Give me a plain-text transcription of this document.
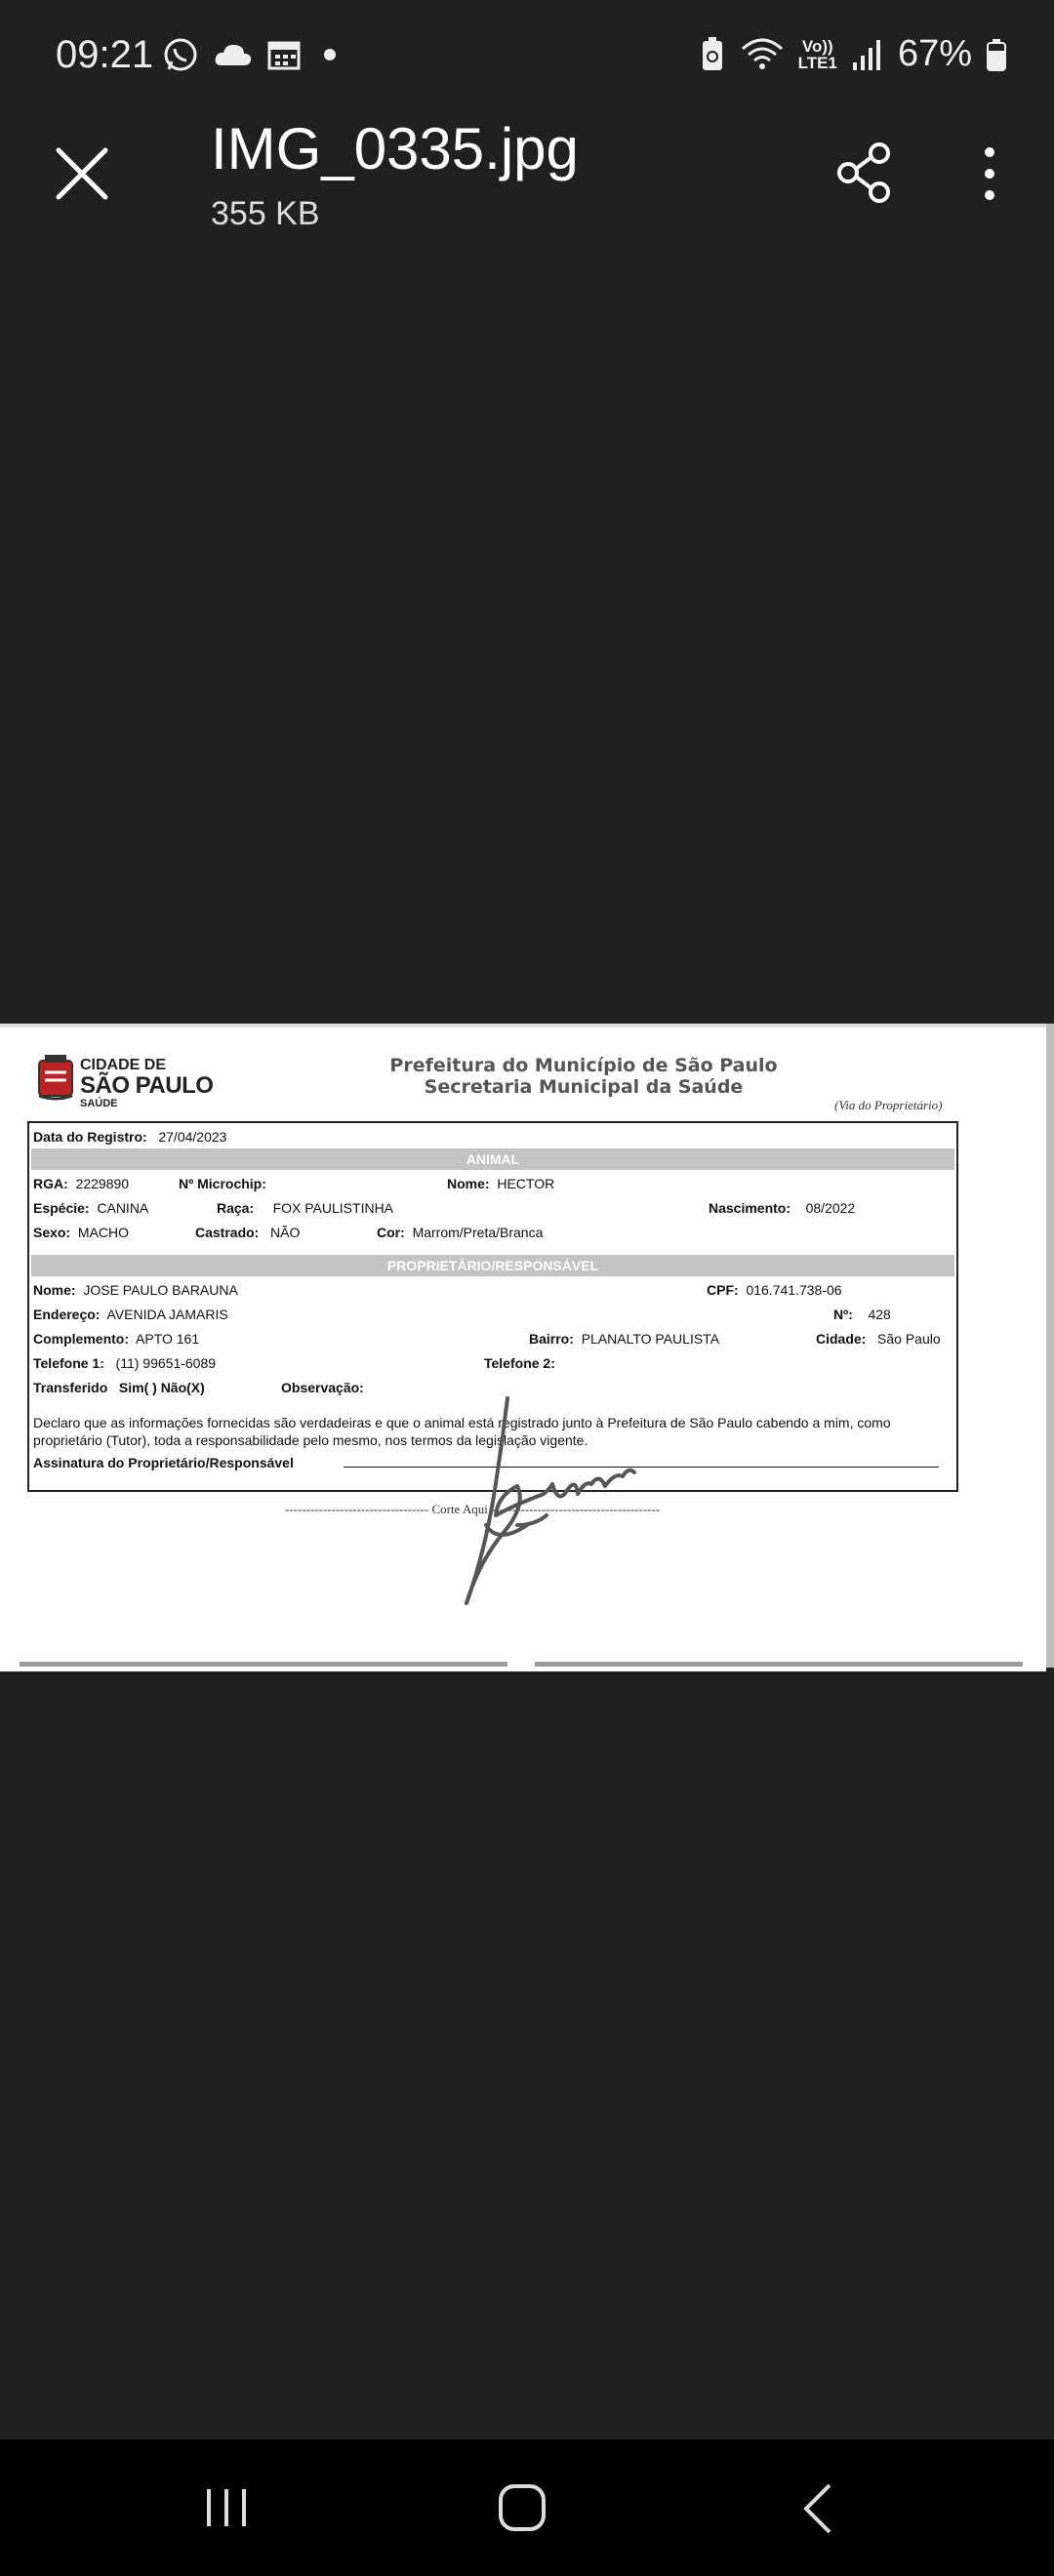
09:21	Vo))
LTE1 67%
IMG_0335.jpg
355 KB
CIDADE DE
SÃO PAULO
SAÚDE
Prefeitura do Município de São Paulo
Secretaria Municipal da Saúde
(Via do Proprietário)
Data do Registro: 27/04/2023
ANIMAL
RGA: 2229890	Nº Microchip:	Nome: HECTOR
Espécie: CANINA	Raça: FOX PAULISTINHA	Nascimento: 08/2022
Sexo: MACHO	Castrado: NÃO	Cor: Marrom/Preta/Branca
PROPRIETÁRIO/RESPONSÁVEL
Nome: JOSE PAULO BARAUNA	CPF: 016.741.738-06
Endereço: AVENIDA JAMARIS	Nº: 428
Complemento: APTO 161	Bairro: PLANALTO PAULISTA	Cidade: São Paulo
Telefone 1: (11) 99651-6089	Telefone 2:
Transferido Sim( ) Não(X)	Observação:
Declaro que as informações fornecidas são verdadeiras e que o animal está registrado junto à Prefeitura de São Paulo cabendo a mim, como proprietário (Tutor), toda a responsabilidade pelo mesmo, nos termos da legislação vigente.
Assinatura do Proprietário/Responsável
---------------------------------- Corte Aqui ----------------------------------------
